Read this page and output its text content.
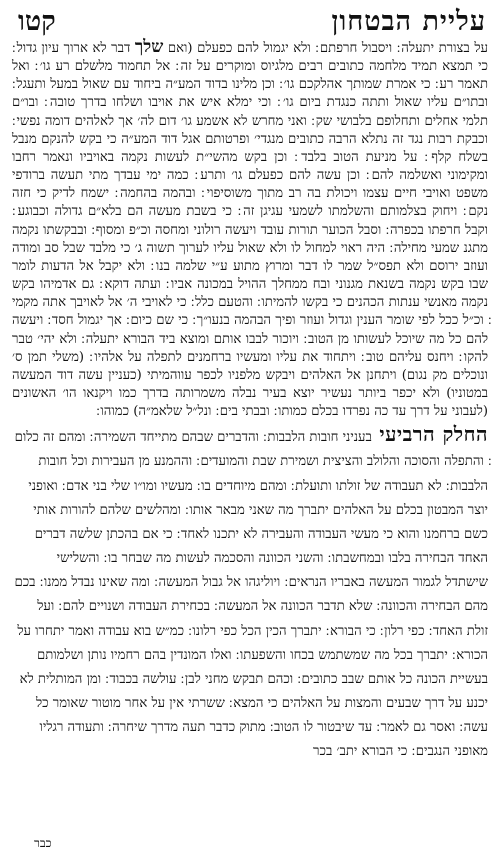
עליית הבטחון
קטו

על בצורת יתעלה ׃ ויסבול חרפתם ׃ ולא יגמול להם כפעלם (ואם שלך דבר לא ארוך עיון גדול ׃ כי תמצא תמיד מלחמה כתובים רבים מלגיוס ומוקרים על זה ׃ אל תחמוד מלשלם רע גו׳ ׃ ואל תאמר רע ׃ כי אמרת שמותך אהלקכם גו׳ ׃ וכן מלינו בדוד המע״ה ביחוד עם שאול במעל ותעגל ׃ ובתו״ם עליו שאול ותתה כנגדת ביום גו׳ ׃ וכי ימלא איש את אויבו ושלחו בדרך טובה ׃ ובו״ם תלמי אחלים ותחלופם בלבושי שק ׃ ואני מחרש לא אשמע גו׳ דום לה׳ אך לאלהים דומה נפשי ׃ וכבקת רבות נגד זה נתלא הרבה כתובים מנגדי׳ ופרטותם אגל דוד המע״ה כי בקש להנקם מנבל בשלח קלף ׃ על מניעת הטוב בלבד ׃ וכן בקש מהשי״ת לעשות נקמה באויביו ונאמר רחבו ומקימוני ואשלמה להם ׃ וכן עשה להם כפעלם גו׳ ותרע ׃ כמה ימי עבדך מתי תעשה ברודפי משפט ואויבי חיים עצמו ויכולת בה רב מתוך משוסיפוי ׃ ובהמה בהחמה ׃ ישמח לדיק כי חזה נקם ׃ ויחוק בצלמותם והשלמתו לשמעי עגיגן זה ׃ כי בשבת מעשה הם בלא״ם גדולה וכבוגע ׃ וקבל חרפתו בכפרה ׃ וסבל הכוער תורות עובד ויעשה רולוני ומחסה וכ״פ ומסוף ׃ ובבקשתו נקמה מתגנ שמעי מחילה ׃ היה ראוי למחול לו ולא שאול עליו לערוך תשוה ג׳ כי מלבד שבל סב ומודה ועוזב ירוסם ולא תפס״ל שמר לו דבר ומרוץ מתוע ע״י שלמה בנו ׃ ולא יקבל אל הדעות לומר שבו בקש נקמה בשנאת מגנוני ובח ממחלך ההויל במכונה אביו ׃ ועתה דוקא ׃ גם אדמיהו בקש נקמה מאנשי ענתות הכהנים כי בקשו להמיתו ׃ והטעם כלל ׃ כי לאויבי ה׳ אל לאויבך אתה מקמי ׃ וכ״ל ככל לפי שומר הענין וגדול ועוזר ופיך הבהמה בנעו״ך ׃ כי שם כיום ׃ אך יגמול חסד ׃ ויעשה להם כל מה שיוכל לעשותו מן הטוב ׃ ויוכור לבבו אותם ומוצא ביד הבורא יתעלה ׃ ולא יהי׳ טבר להקו ׃ ויחנס עליהם טוב ׃ ויתחוד את עליו ומעשיו ברחמנים לתפלה על אלהיו ׃ (משלי תמן ס׳ ונוכלים מק נגום) ויתחנן אל האלהים ויבקש מלפניו לכפר עווהמיתי (כעניין עשה דוד המעשה במטוניו) ולא יכפר ביותר נעשיר יוצא בעיר נבלה משמרותה בדרך כמו ויקנאו הו׳ האשונים (לעבוני על דרך עד כה נפרדו בכלם כמותו ׃ ובבתי בים ׃ ונל״ל שלאמ״ה) כמוהו ׃

החלק הרביעי בעניני חובות הלבבות ׃ והדברים שבהם מתייחד השמירה ׃ ומהם זה כלום ׃ והתפלה והסוכה והלולב והציצית ושמירת שבת והמועדים ׃ וההמנע מן העבירות וכל חובות הלבבות ׃ לא תעבודה של זולתו ותועלת ׃ ומהם מיוחדים בו ׃ מעשיו ומו״ו שלי בני אדם ׃ ואופני יוצר המבטון בכלם על האלהים יתברך מה שאני מבאר אותו ׃ ומהלשים שלהם להורות אותי כשם ברחמנו והוא כי מעשי העבודה והעבירה לא יתכנו לאחד ׃ כי אם בהכתן שלשה דברים האחד הבחירה בלבו ובמחשבתו ׃ והשני הכוונה והסכמה לעשות מה שבחר בו ׃ והשלישי שישתדל לגמור המעשה באבריו הנראים ׃ ויוליגהו אל גבול המעשה ׃ ומה שאינו נבדל ממנו ׃ בכם מהם הבחירה והכוונה ׃ שלא תדבר הכוונה אל המעשה ׃ בכחירת העבודה ושנויים להם ׃ ועל זולת האחד ׃ כפי רלון ׃ כי הבורא ׃ יתברך הכין הכל כפי רלונו ׃ כמ״ש בוא עבודה ואמר יתחרו על הכורא ׃ יתברך בכל מה שמשתמש בכחו והשפעתו ׃ ואלו המונדין בהם רחמיו נותן ושלמותם בעשיית הכונה כל אותם שבב כתובים ׃ וכהם תבקש מחני לבן ׃ עולשה בכבוד ׃ ומן המותלית לא יכנע על דרך שבעים והמצות על האלהים כי המצא ׃ ששרתי אין על אחר מוטור שאומר כל עשה ׃ ואסר גם לאמר ׃ עד שיבטור לו הטוב ׃ מתוק כדבר תעה מדרך שיחרה ׃ ותעודה רגליו מאופני הנגבים ׃ כי הבורא יתב׳ בכר

כבר
